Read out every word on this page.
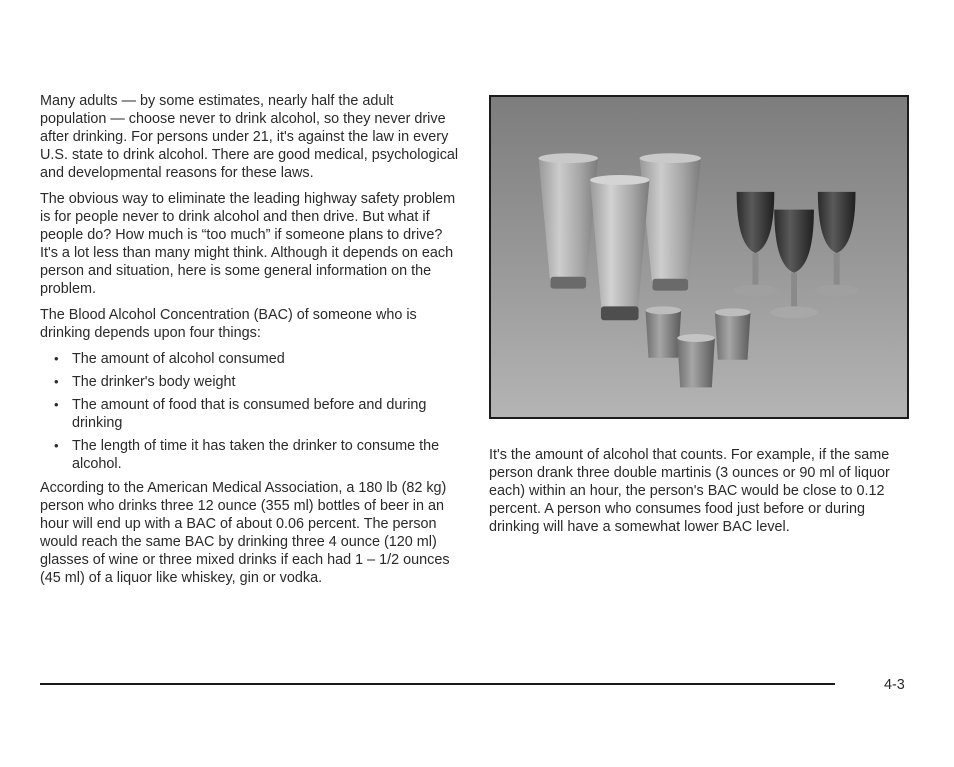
Many adults — by some estimates, nearly half the adult population — choose never to drink alcohol, so they never drive after drinking. For persons under 21, it's against the law in every U.S. state to drink alcohol. There are good medical, psychological and developmental reasons for these laws.

The obvious way to eliminate the leading highway safety problem is for people never to drink alcohol and then drive. But what if people do? How much is “too much” if someone plans to drive? It's a lot less than many might think. Although it depends on each person and situation, here is some general information on the problem.

The Blood Alcohol Concentration (BAC) of someone who is drinking depends upon four things:

• The amount of alcohol consumed
• The drinker's body weight
• The amount of food that is consumed before and during drinking
• The length of time it has taken the drinker to consume the alcohol.

According to the American Medical Association, a 180 lb (82 kg) person who drinks three 12 ounce (355 ml) bottles of beer in an hour will end up with a BAC of about 0.06 percent. The person would reach the same BAC by drinking three 4 ounce (120 ml) glasses of wine or three mixed drinks if each had 1 – 1/2 ounces (45 ml) of a liquor like whiskey, gin or vodka.

It's the amount of alcohol that counts. For example, if the same person drank three double martinis (3 ounces or 90 ml of liquor each) within an hour, the person's BAC would be close to 0.12 percent. A person who consumes food just before or during drinking will have a somewhat lower BAC level.

4-3
